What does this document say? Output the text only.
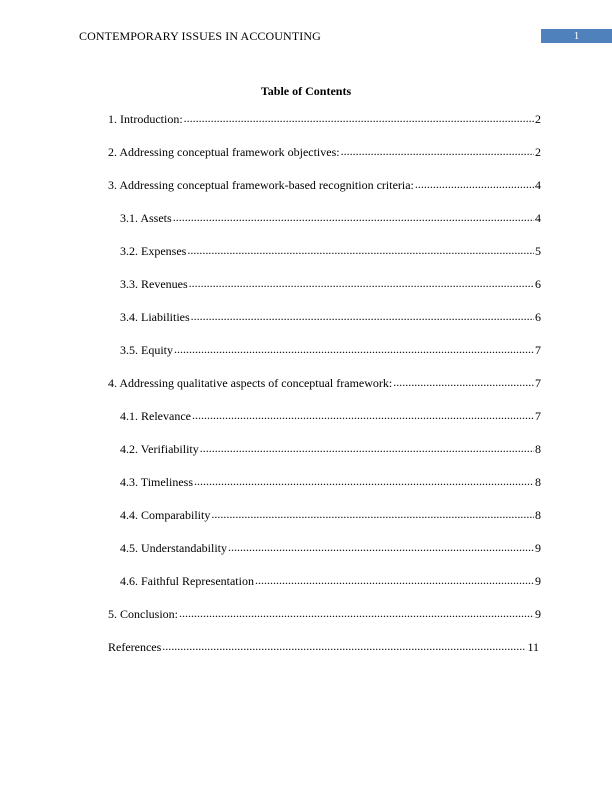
CONTEMPORARY ISSUES IN ACCOUNTING	1
Table of Contents
1. Introduction: .....	2
2. Addressing conceptual framework objectives: .....	2
3. Addressing conceptual framework-based recognition criteria: .....	4
3.1. Assets .....	4
3.2. Expenses .....	5
3.3. Revenues .....	6
3.4. Liabilities .....	6
3.5. Equity .....	7
4. Addressing qualitative aspects of conceptual framework: .....	7
4.1. Relevance .....	7
4.2. Verifiability .....	8
4.3. Timeliness .....	8
4.4. Comparability .....	8
4.5. Understandability .....	9
4.6. Faithful Representation .....	9
5. Conclusion: .....	9
References .....	11
